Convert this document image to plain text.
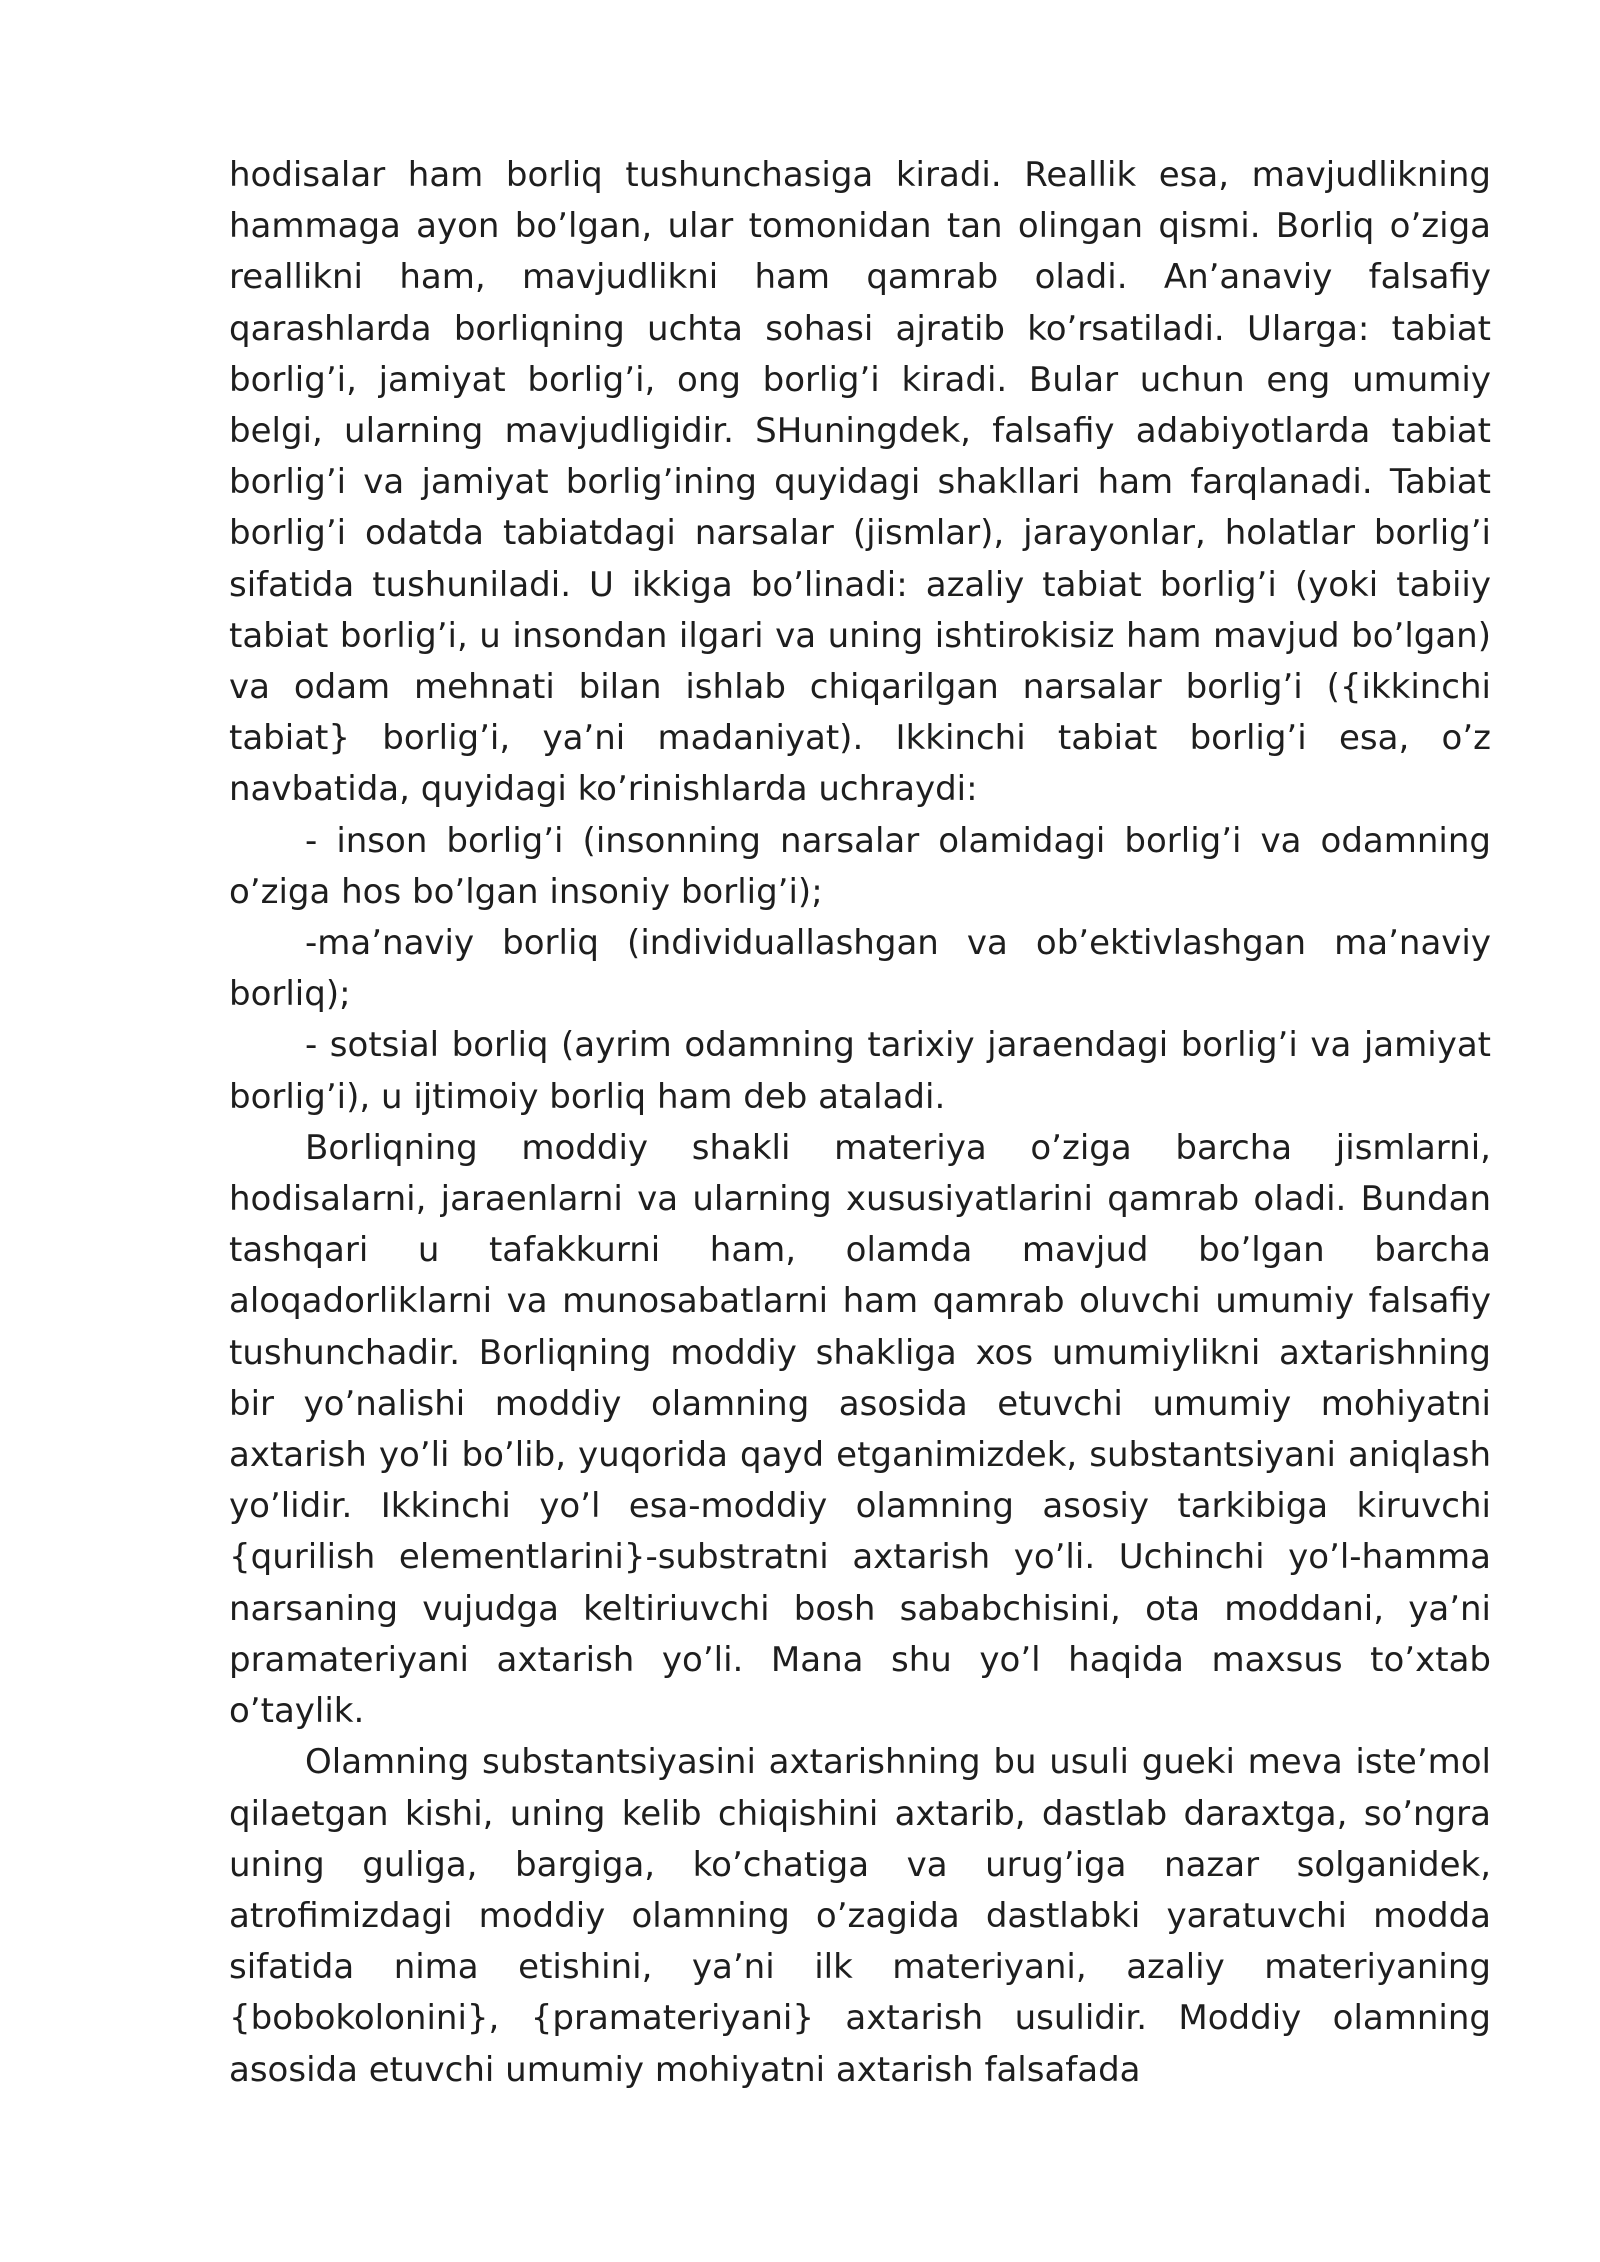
hodisalar ham borliq tushunchasiga kiradi. Reallik esa, mavjudlikning hammaga ayon bo’lgan, ular tomonidan tan olingan qismi. Borliq o’ziga reallikni ham, mavjudlikni ham qamrab oladi. An’anaviy falsafiy qarashlarda borliqning uchta sohasi ajratib ko’rsatiladi. Ularga: tabiat borlig’i, jamiyat borlig’i, ong borlig’i kiradi. Bular uchun eng umumiy belgi, ularning mavjudligidir. SHuningdek, falsafiy adabiyotlarda tabiat borlig’i va jamiyat borlig’ining quyidagi shakllari ham farqlanadi. Tabiat borlig’i odatda tabiatdagi narsalar (jismlar), jarayonlar, holatlar borlig’i sifatida tushuniladi. U ikkiga bo’linadi: azaliy tabiat borlig’i (yoki tabiiy tabiat borlig’i, u insondan ilgari va uning ishtirokisiz ham mavjud bo’lgan) va odam mehnati bilan ishlab chiqarilgan narsalar borlig’i ({ikkinchi tabiat} borlig’i, ya’ni madaniyat). Ikkinchi tabiat borlig’i esa, o’z navbatida, quyidagi ko’rinishlarda uchraydi:

- inson borlig’i (insonning narsalar olamidagi borlig’i va odamning o’ziga hos bo’lgan insoniy borlig’i);

-ma’naviy borliq (individuallashgan va ob’ektivlashgan ma’naviy borliq);

- sotsial borliq (ayrim odamning tarixiy jaraendagi borlig’i va jamiyat borlig’i), u ijtimoiy borliq ham deb ataladi.

Borliqning moddiy shakli materiya o’ziga barcha jismlarni, hodisalarni, jaraenlarni va ularning xususiyatlarini qamrab oladi. Bundan tashqari u tafakkurni ham, olamda mavjud bo’lgan barcha aloqadorliklarni va munosabatlarni ham qamrab oluvchi umumiy falsafiy tushunchadir. Borliqning moddiy shakliga xos umumiylikni axtarishning bir yo’nalishi moddiy olamning asosida etuvchi umumiy mohiyatni axtarish yo’li bo’lib, yuqorida qayd etganimizdek, substantsiyani aniqlash yo’lidir. Ikkinchi yo’l esa-moddiy olamning asosiy tarkibiga kiruvchi {qurilish elementlarini}-substratni axtarish yo’li. Uchinchi yo’l-hamma narsaning vujudga keltiriuvchi bosh sababchisini, ota moddani, ya’ni pramateriyani axtarish yo’li. Mana shu yo’l haqida maxsus to’xtab o’taylik.

Olamning substantsiyasini axtarishning bu usuli gueki meva iste’mol qilaetgan kishi, uning kelib chiqishini axtarib, dastlab daraxtga, so’ngra uning guliga, bargiga, ko’chatiga va urug’iga nazar solganidek, atrofimizdagi moddiy olamning o’zagida dastlabki yaratuvchi modda sifatida nima etishini, ya’ni ilk materiyani, azaliy materiyaning {bobokolonini}, {pramateriyani} axtarish usulidir. Moddiy olamning asosida etuvchi umumiy mohiyatni axtarish falsafada
